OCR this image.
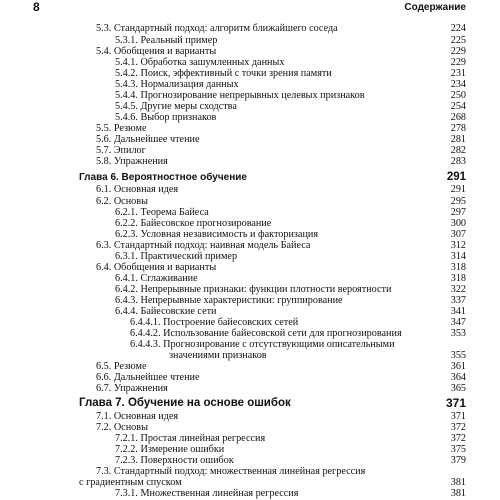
8	Содержание
5.3. Стандартный подход: алгоритм ближайшего соседа	224
5.3.1. Реальный пример	225
5.4. Обобщения и варианты	229
5.4.1. Обработка зашумленных данных	229
5.4.2. Поиск, эффективный с точки зрения памяти	231
5.4.3. Нормализация данных	234
5.4.4. Прогнозирование непрерывных целевых признаков	250
5.4.5. Другие меры сходства	254
5.4.6. Выбор признаков	268
5.5. Резюме	278
5.6. Дальнейшее чтение	281
5.7. Эпилог	282
5.8. Упражнения	283
Глава 6. Вероятностное обучение	291
6.1. Основная идея	291
6.2. Основы	295
6.2.1. Теорема Байеса	297
6.2.2. Байесовское прогнозирование	300
6.2.3. Условная независимость и факторизация	307
6.3. Стандартный подход: наивная модель Байеса	312
6.3.1. Практический пример	314
6.4. Обобщения и варианты	318
6.4.1. Сглаживание	318
6.4.2. Непрерывные признаки: функции плотности вероятности	322
6.4.3. Непрерывные характеристики: группирование	337
6.4.4. Байесовские сети	341
6.4.4.1. Построение байесовских сетей	347
6.4.4.2. Использование байесовской сети для прогнозирования	353
6.4.4.3. Прогнозирование с отсутствующими описательными
значениями признаков	355
6.5. Резюме	361
6.6. Дальнейшее чтение	364
6.7. Упражнения	365
Глава 7. Обучение на основе ошибок	371
7.1. Основная идея	371
7.2. Основы	372
7.2.1. Простая линейная регрессия	372
7.2.2. Измерение ошибки	375
7.2.3. Поверхности ошибок	379
7.3. Стандартный подход: множественная линейная регрессия
с градиентным спуском	381
7.3.1. Множественная линейная регрессия	381
